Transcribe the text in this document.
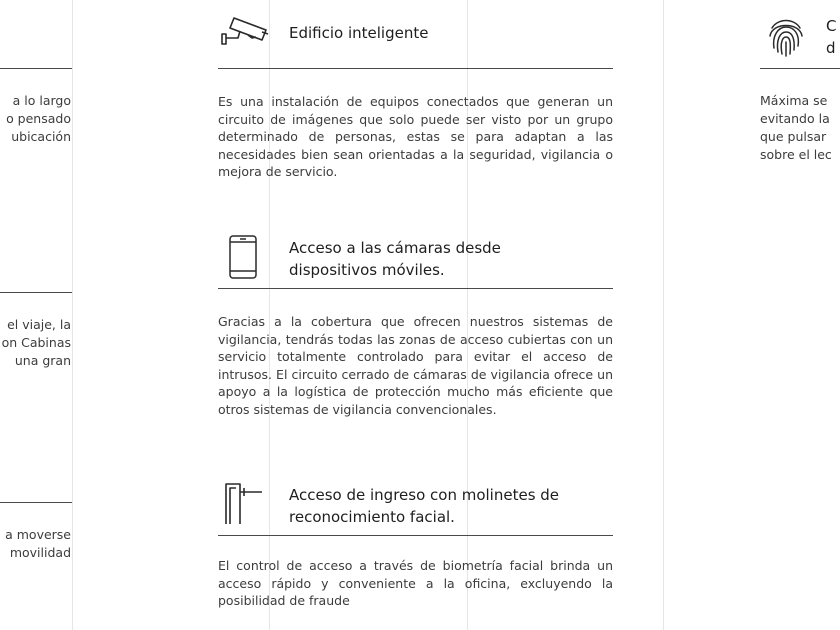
a lo largo
o pensado
ubicación
el viaje, la
on Cabinas
una gran
a moverse
movilidad
Edificio inteligente

Es una instalación de equipos conectados que generan un circuito de imágenes que solo puede ser visto por un grupo determinado de personas, estas se para adaptan a las necesidades bien sean orientadas a la seguridad, vigilancia o mejora de servicio.

Acceso a las cámaras desde
dispositivos móviles.

Gracias a la cobertura que ofrecen nuestros sistemas de vigilancia, tendrás todas las zonas de acceso cubiertas con un servicio totalmente controlado para evitar el acceso de intrusos. El circuito cerrado de cámaras de vigilancia ofrece un apoyo a la logística de protección mucho más eficiente que otros sistemas de vigilancia convencionales.

Acceso de ingreso con molinetes de
reconocimiento facial.

El control de acceso a través de biometría facial brinda un acceso rápido y conveniente a la oficina, excluyendo la posibilidad de fraude

C
d
Máxima se
evitando la
que pulsar
sobre el lec
